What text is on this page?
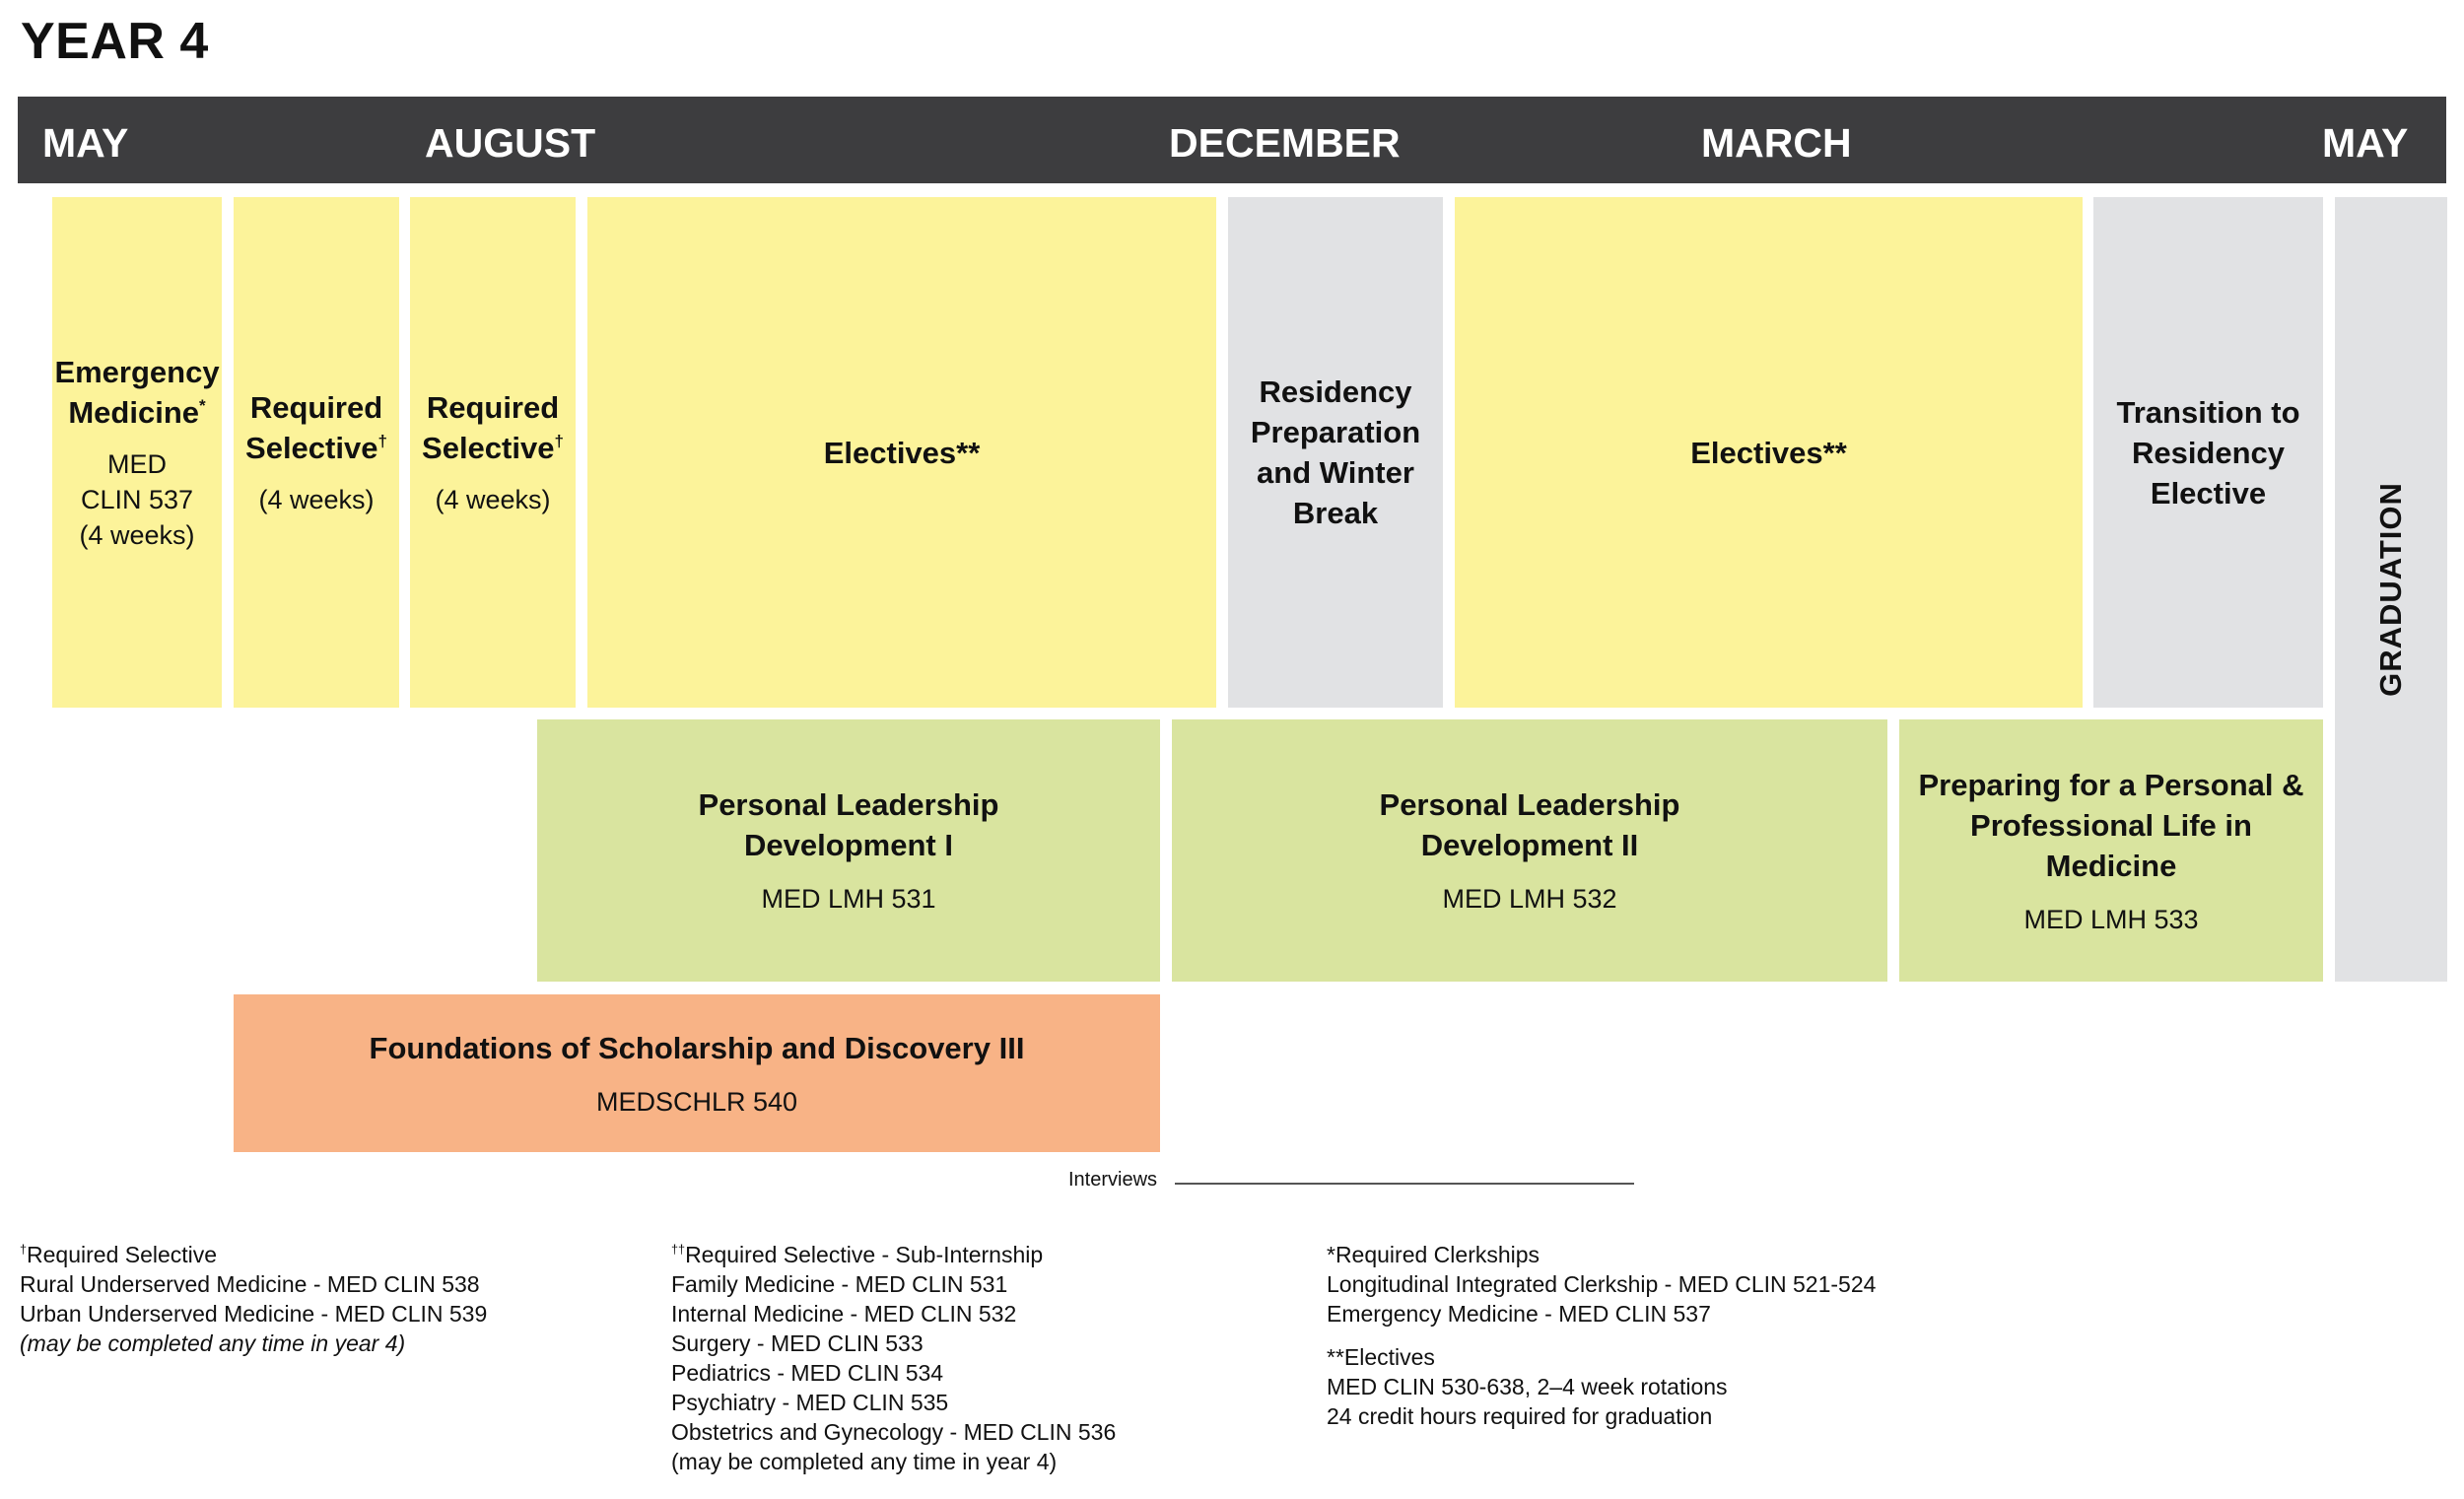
YEAR 4
MAY	AUGUST	DECEMBER	MARCH	MAY
Emergency Medicine*
MED
CLIN 537
(4 weeks)
Required
Selective†
(4 weeks)
Required
Selective†
(4 weeks)
Electives**
Residency
Preparation
and Winter
Break
Electives**
Transition to
Residency
Elective	GRADUATION
Personal Leadership
Development I
MED LMH 531
Personal Leadership
Development II
MED LMH 532
Preparing for a Personal &
Professional Life in
Medicine
MED LMH 533
Foundations of Scholarship and Discovery III
MEDSCHLR 540
Interviews
†Required Selective
Rural Underserved Medicine - MED CLIN 538
Urban Underserved Medicine - MED CLIN 539
(may be completed any time in year 4)
††Required Selective - Sub-Internship
Family Medicine - MED CLIN 531
Internal Medicine - MED CLIN 532
Surgery - MED CLIN 533
Pediatrics - MED CLIN 534
Psychiatry - MED CLIN 535
Obstetrics and Gynecology - MED CLIN 536
(may be completed any time in year 4)
*Required Clerkships
Longitudinal Integrated Clerkship - MED CLIN 521-524
Emergency Medicine - MED CLIN 537
**Electives
MED CLIN 530-638, 2–4 week rotations
24 credit hours required for graduation
